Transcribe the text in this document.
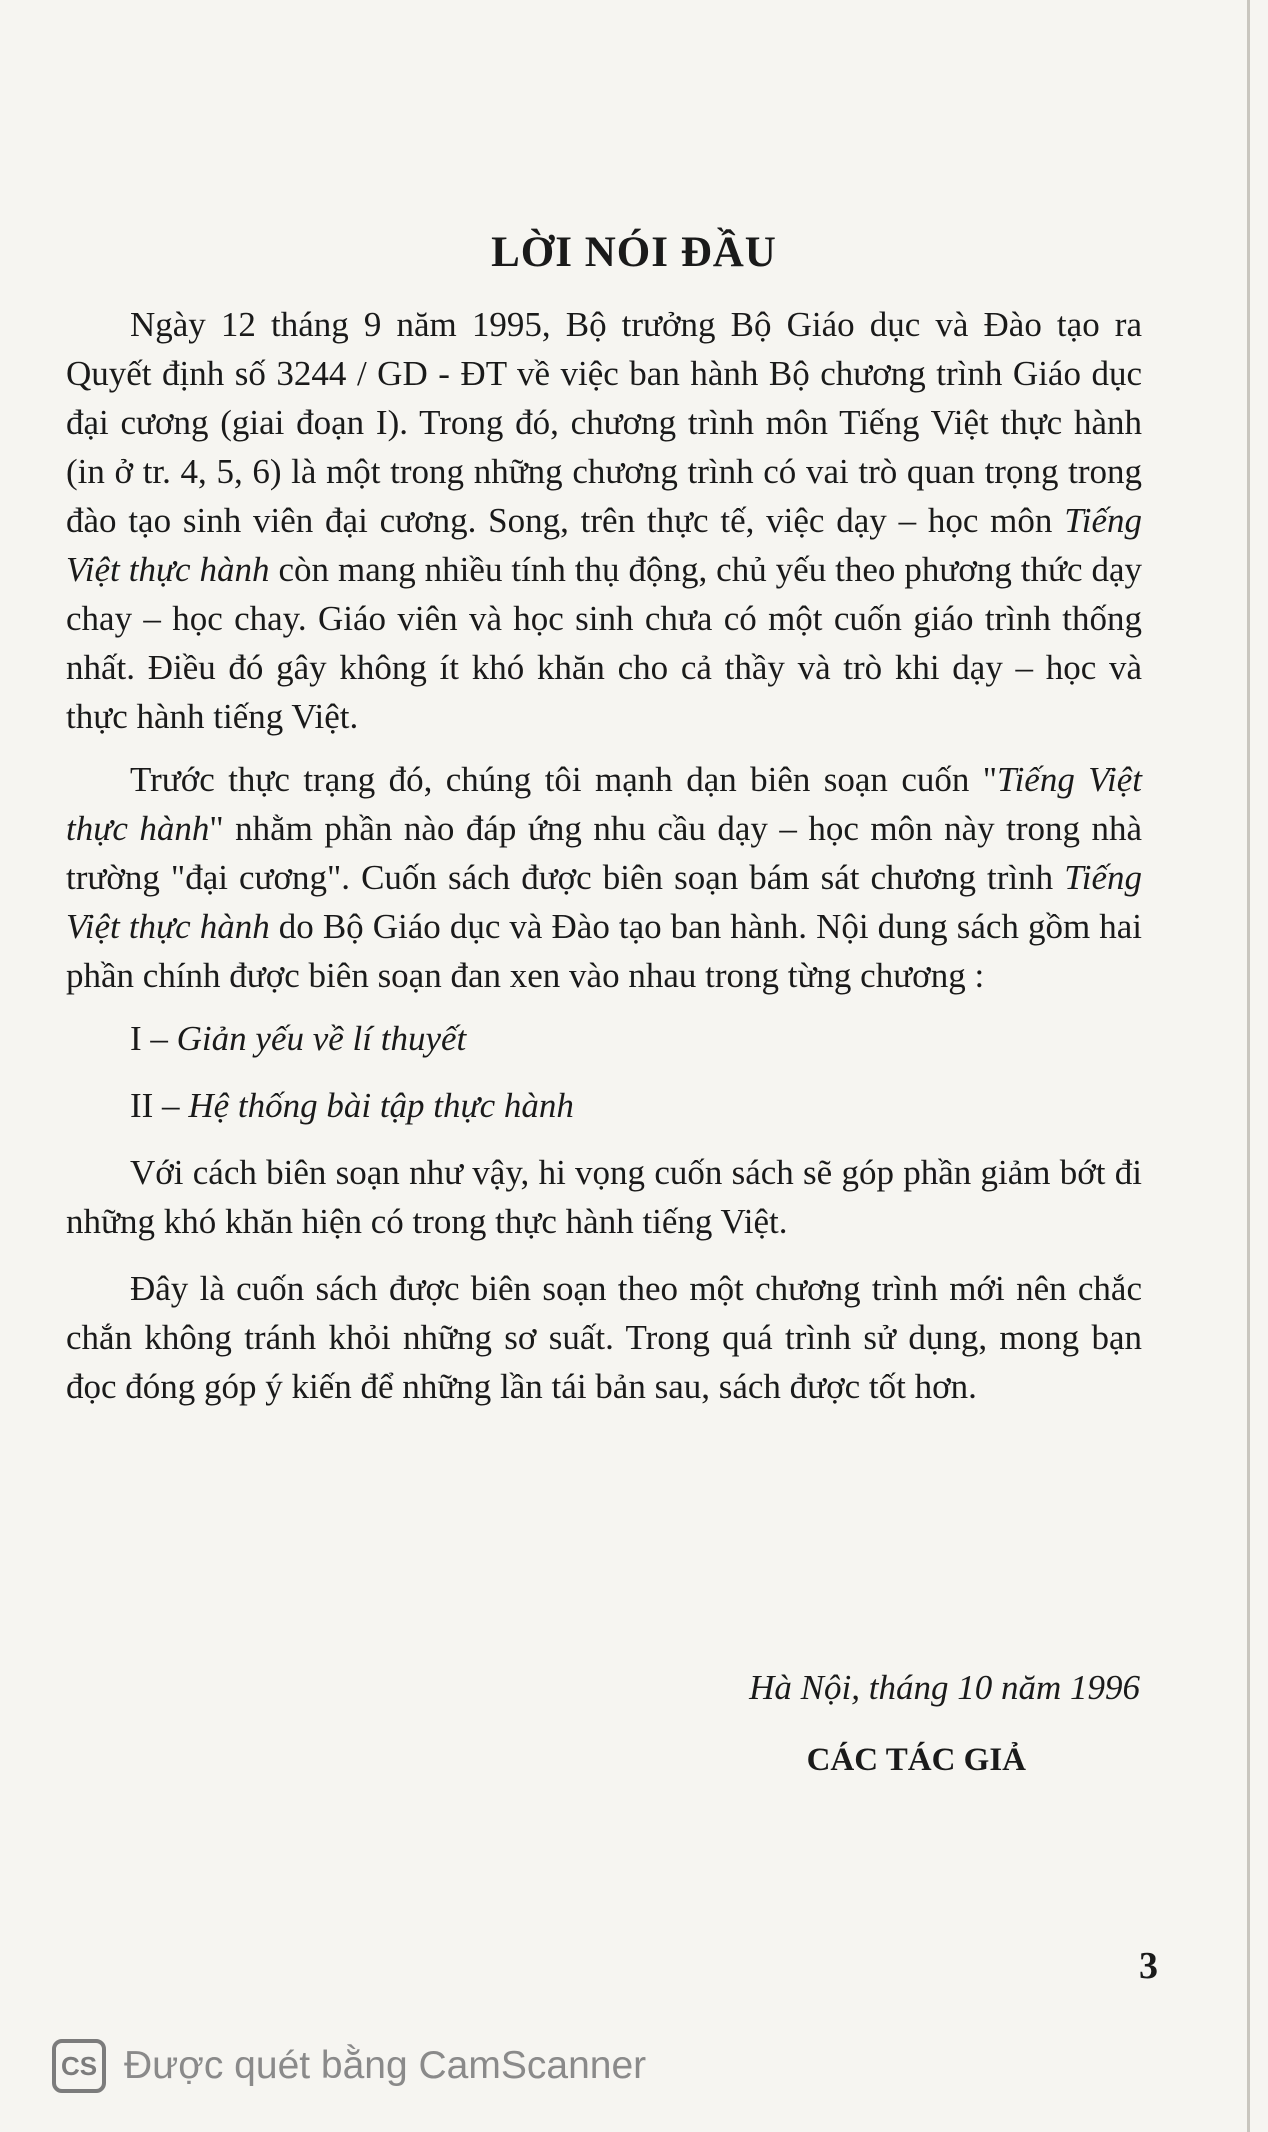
LỜI NÓI ĐẦU

Ngày 12 tháng 9 năm 1995, Bộ trưởng Bộ Giáo dục và Đào tạo ra Quyết định số 3244 / GD - ĐT về việc ban hành Bộ chương trình Giáo dục đại cương (giai đoạn I). Trong đó, chương trình môn Tiếng Việt thực hành (in ở tr. 4, 5, 6) là một trong những chương trình có vai trò quan trọng trong đào tạo sinh viên đại cương. Song, trên thực tế, việc dạy – học môn Tiếng Việt thực hành còn mang nhiều tính thụ động, chủ yếu theo phương thức dạy chay – học chay. Giáo viên và học sinh chưa có một cuốn giáo trình thống nhất. Điều đó gây không ít khó khăn cho cả thầy và trò khi dạy – học và thực hành tiếng Việt.

Trước thực trạng đó, chúng tôi mạnh dạn biên soạn cuốn "Tiếng Việt thực hành" nhằm phần nào đáp ứng nhu cầu dạy – học môn này trong nhà trường "đại cương". Cuốn sách được biên soạn bám sát chương trình Tiếng Việt thực hành do Bộ Giáo dục và Đào tạo ban hành. Nội dung sách gồm hai phần chính được biên soạn đan xen vào nhau trong từng chương :

I – Giản yếu về lí thuyết
II – Hệ thống bài tập thực hành

Với cách biên soạn như vậy, hi vọng cuốn sách sẽ góp phần giảm bớt đi những khó khăn hiện có trong thực hành tiếng Việt.

Đây là cuốn sách được biên soạn theo một chương trình mới nên chắc chắn không tránh khỏi những sơ suất. Trong quá trình sử dụng, mong bạn đọc đóng góp ý kiến để những lần tái bản sau, sách được tốt hơn.

Hà Nội, tháng 10 năm 1996
CÁC TÁC GIẢ
3
CS Được quét bằng CamScanner
